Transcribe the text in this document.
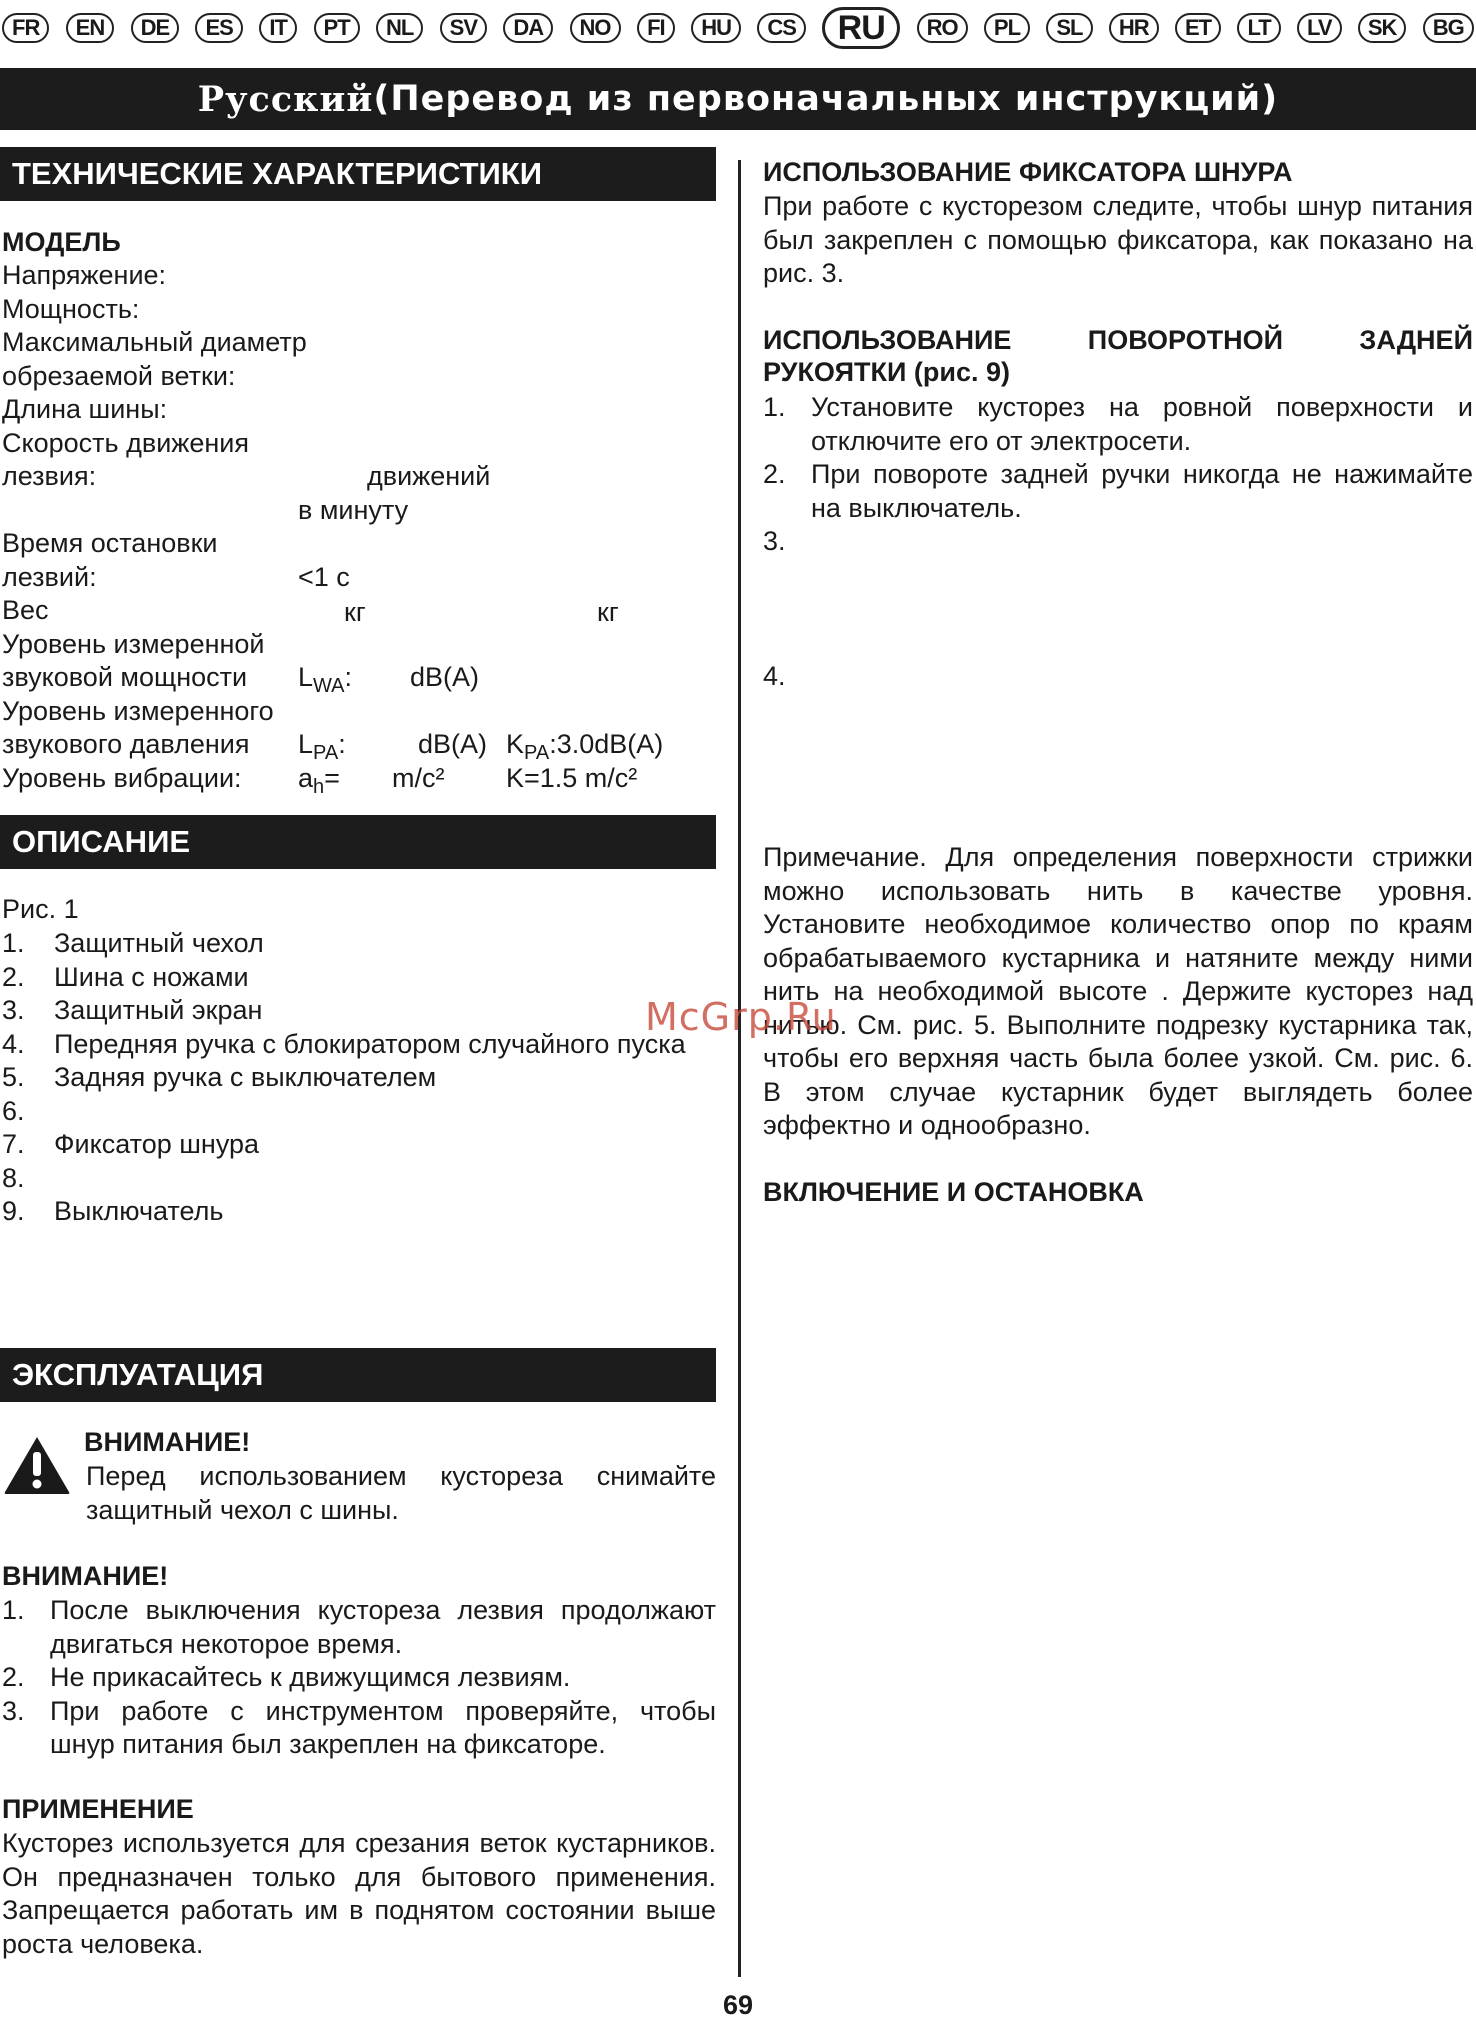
FR	EN	DE	ES	IT	PT	NL	SV	DA	NO	FI	HU	CS	RU	RO	PL	SL	HR	ET	LT	LV	SK	BG
Русский (Перевод из первоначальных инструкций)
ТЕХНИЧЕСКИЕ ХАРАКТЕРИСТИКИ
МОДЕЛЬ
Напряжение:
Мощность:
Максимальный диаметр
обрезаемой ветки:
Длина шины:
Скорость движения
лезвия:	движений
в минуту
Время остановки
лезвий:	<1 с
Вес	кг	кг
Уровень измеренной
звуковой мощности $L_{WA}$: dB(A)
Уровень измеренного
звукового давления $L_{PA}$:	dB(A) $K_{PA}:3.0dB(A)$
Уровень вибрации: $a_h= m/c^2$ K=1.5 m/c²
ОПИСАНИЕ
Рис. 1
1.	Защитный чехол
2.	Шина с ножами
3.	Защитный экран
4.	Передняя ручка с блокиратором случайного пуска
5.	Задняя ручка с выключателем
6.

7.	Фиксатор шнура
8.

9.	Выключатель
ЭКСПЛУАТАЦИЯ
ВНИМАНИЕ!
Перед использованием кустореза снимайте защитный чехол с шины.
ВНИМАНИЕ!
1. После выключения кустореза лезвия продолжают двигаться некоторое время.
2. Не прикасайтесь к движущимся лезвиям.
3. При работе с инструментом проверяйте, чтобы шнур питания был закреплен на фиксаторе.
ПРИМЕНЕНИЕ
Кусторез используется для срезания веток кустарников. Он предназначен только для бытового применения. Запрещается работать им в поднятом состоянии выше роста человека.
ИСПОЛЬЗОВАНИЕ ФИКСАТОРА ШНУРА
При работе с кусторезом следите, чтобы шнур питания был закреплен с помощью фиксатора, как показано на рис. 3.
ИСПОЛЬЗОВАНИЕ	ПОВОРОТНОЙ	ЗАДНЕЙ
РУКОЯТКИ (рис. 9)
1. Установите кусторез на ровной поверхности и отключите его от электросети.
2. При повороте задней ручки никогда не нажимайте на выключатель.
3.

4.
Примечание. Для определения поверхности стрижки можно использовать нить в качестве уровня. Установите необходимое количество опор по краям обрабатываемого кустарника и натяните между ними нить на необходимой высоте . Держите кусторез над нитью. См. рис. 5. Выполните подрезку кустарника так, чтобы его верхняя часть была более узкой. См. рис. 6. В этом случае кустарник будет выглядеть более эффектно и однообразно.
ВКЛЮЧЕНИЕ И ОСТАНОВКА
McGrp.Ru
69
